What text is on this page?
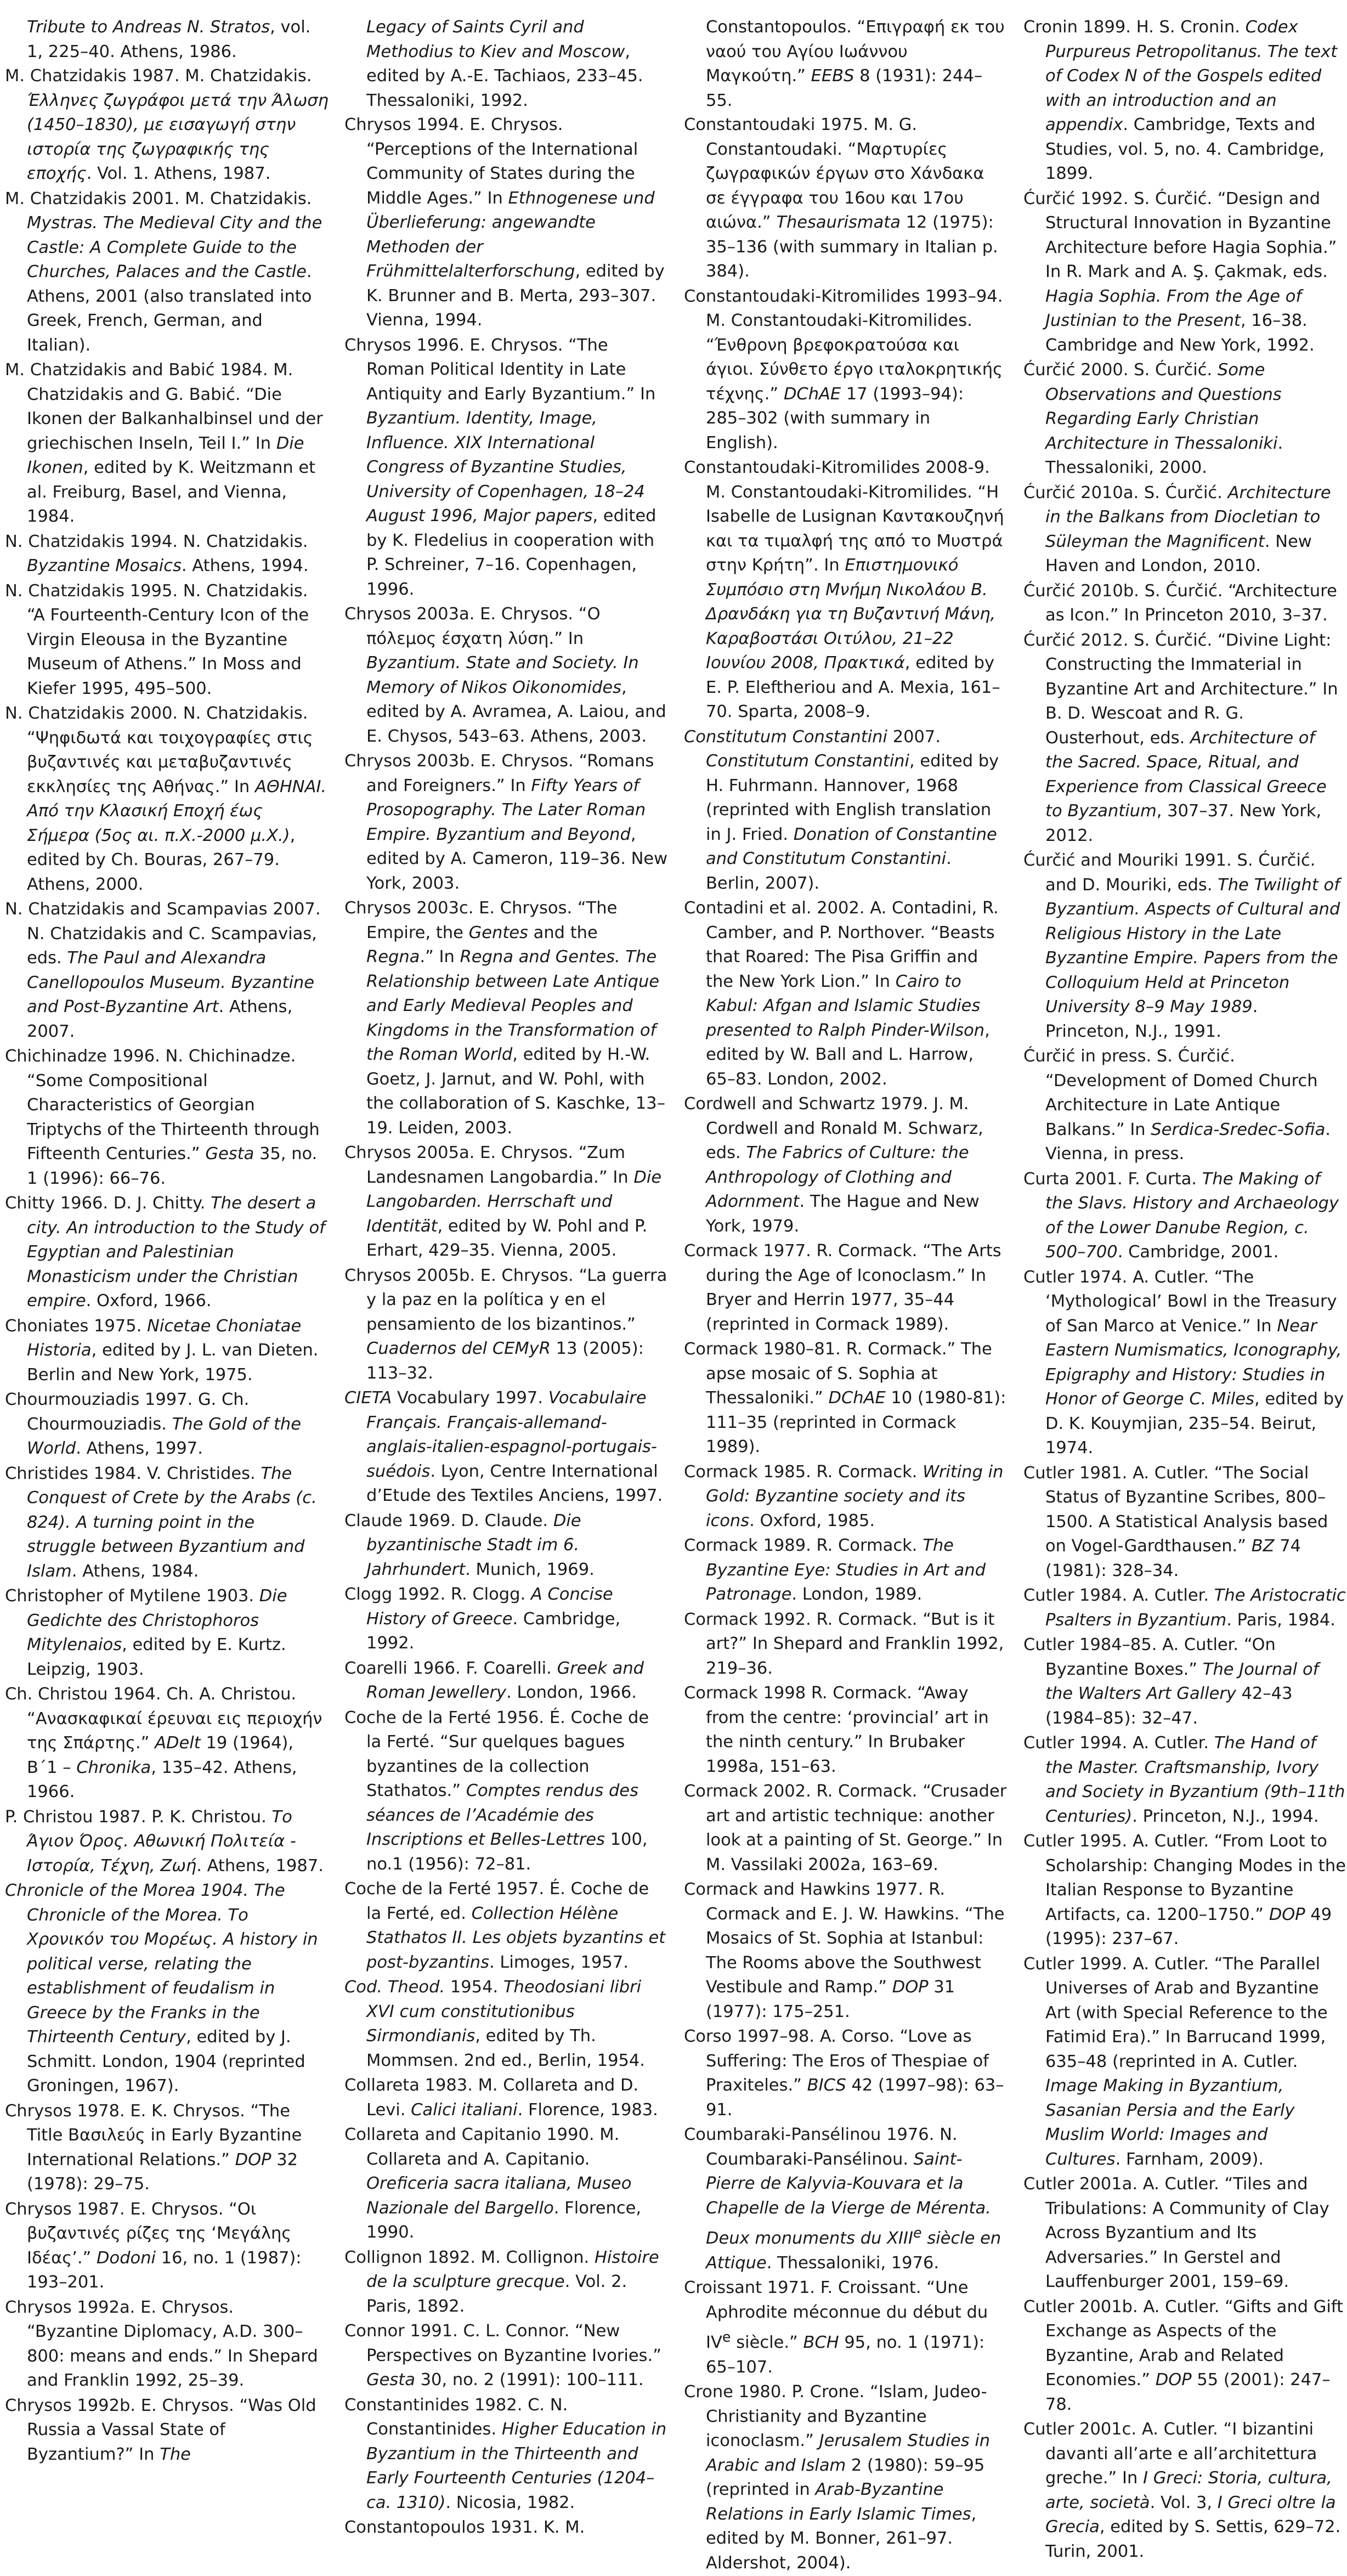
Tribute to Andreas N. Stratos, vol. 1, 225–40. Athens, 1986.
M. Chatzidakis 1987. M. Chatzidakis. Έλληνες ζωγράφοι μετά την Άλωση (1450–1830), με εισαγωγή στην ιστορία της ζωγραφικής της εποχής. Vol. 1. Athens, 1987.
M. Chatzidakis 2001. M. Chatzidakis. Mystras. The Medieval City and the Castle: A Complete Guide to the Churches, Palaces and the Castle. Athens, 2001 (also translated into Greek, French, German, and Italian).
M. Chatzidakis and Babić 1984. M. Chatzidakis and G. Babić. “Die Ikonen der Balkanhalbinsel und der griechischen Inseln, Teil I.” In Die Ikonen, edited by K. Weitzmann et al. Freiburg, Basel, and Vienna, 1984.
N. Chatzidakis 1994. N. Chatzidakis. Byzantine Mosaics. Athens, 1994.
N. Chatzidakis 1995. N. Chatzidakis. “A Fourteenth-Century Icon of the Virgin Eleousa in the Byzantine Museum of Athens.” In Moss and Kiefer 1995, 495–500.
N. Chatzidakis 2000. N. Chatzidakis. “Ψηφιδωτά και τοιχογραφίες στις βυζαντινές και μεταβυζαντινές εκκλησίες της Αθήνας.” In ΑΘΗΝΑΙ. Από την Κλασική Εποχή έως Σήμερα (5ος αι. π.Χ.-2000 μ.Χ.), edited by Ch. Bouras, 267–79. Athens, 2000.
N. Chatzidakis and Scampavias 2007. N. Chatzidakis and C. Scampavias, eds. The Paul and Alexandra Canellopoulos Museum. Byzantine and Post-Byzantine Art. Athens, 2007.
Chichinadze 1996. N. Chichinadze. “Some Compositional Characteristics of Georgian Triptychs of the Thirteenth through Fifteenth Centuries.” Gesta 35, no. 1 (1996): 66–76.
Chitty 1966. D. J. Chitty. The desert a city. An introduction to the Study of Egyptian and Palestinian Monasticism under the Christian empire. Oxford, 1966.
Choniates 1975. Nicetae Choniatae Historia, edited by J. L. van Dieten. Berlin and New York, 1975.
Chourmouziadis 1997. G. Ch. Chourmouziadis. The Gold of the World. Athens, 1997.
Christides 1984. V. Christides. The Conquest of Crete by the Arabs (c. 824). A turning point in the struggle between Byzantium and Islam. Athens, 1984.
Christopher of Mytilene 1903. Die Gedichte des Christophoros Mitylenaios, edited by E. Kurtz. Leipzig, 1903.
Ch. Christou 1964. Ch. A. Christou. “Ανασκαφικαί έρευναι εις περιοχήν της Σπάρτης.” ADelt 19 (1964), B΄1 – Chronika, 135–42. Athens, 1966.
P. Christou 1987. P. K. Christou. Το Άγιον Όρος. Αθωνική Πολιτεία - Ιστορία, Τέχνη, Ζωή. Athens, 1987.
Chronicle of the Morea 1904. The Chronicle of the Morea. Το Χρονικόν του Μορέως. A history in political verse, relating the establishment of feudalism in Greece by the Franks in the Thirteenth Century, edited by J. Schmitt. London, 1904 (reprinted Groningen, 1967).
Chrysos 1978. E. K. Chrysos. “The Title Βασιλεύς in Early Byzantine International Relations.” DOP 32 (1978): 29–75.
Chrysos 1987. E. Chrysos. “Οι βυζαντινές ρίζες της ‘Μεγάλης Ιδέας’.” Dodoni 16, no. 1 (1987): 193–201.
Chrysos 1992a. E. Chrysos. “Byzantine Diplomacy, A.D. 300–800: means and ends.” In Shepard and Franklin 1992, 25–39.
Chrysos 1992b. E. Chrysos. “Was Old Russia a Vassal State of Byzantium?” In The
Legacy of Saints Cyril and Methodius to Kiev and Moscow, edited by A.-E. Tachiaos, 233–45. Thessaloniki, 1992.
Chrysos 1994. E. Chrysos. “Perceptions of the International Community of States during the Middle Ages.” In Ethnogenese und Überlieferung: angewandte Methoden der Frühmittelalterforschung, edited by K. Brunner and B. Merta, 293–307. Vienna, 1994.
Chrysos 1996. E. Chrysos. “The Roman Political Identity in Late Antiquity and Early Byzantium.” In Byzantium. Identity, Image, Influence. XIX International Congress of Byzantine Studies, University of Copenhagen, 18–24 August 1996, Major papers, edited by K. Fledelius in cooperation with P. Schreiner, 7–16. Copenhagen, 1996.
Chrysos 2003a. E. Chrysos. “Ο πόλεμος έσχατη λύση.” In Byzantium. State and Society. In Memory of Nikos Oikonomides, edited by A. Avramea, A. Laiou, and E. Chysos, 543–63. Athens, 2003.
Chrysos 2003b. E. Chrysos. “Romans and Foreigners.” In Fifty Years of Prosopography. The Later Roman Empire. Byzantium and Beyond, edited by A. Cameron, 119–36. New York, 2003.
Chrysos 2003c. E. Chrysos. “The Empire, the Gentes and the Regna.” In Regna and Gentes. The Relationship between Late Antique and Early Medieval Peoples and Kingdoms in the Transformation of the Roman World, edited by H.-W. Goetz, J. Jarnut, and W. Pohl, with the collaboration of S. Kaschke, 13–19. Leiden, 2003.
Chrysos 2005a. E. Chrysos. “Zum Landesnamen Langobardia.” In Die Langobarden. Herrschaft und Identität, edited by W. Pohl and P. Erhart, 429–35. Vienna, 2005.
Chrysos 2005b. E. Chrysos. “La guerra y la paz en la política y en el pensamiento de los bizantinos.” Cuadernos del CEMyR 13 (2005): 113–32.
CIETA Vocabulary 1997. Vocabulaire Français. Français-allemand-anglais-italien-espagnol-portugais-suédois. Lyon, Centre International d’Etude des Textiles Anciens, 1997.
Claude 1969. D. Claude. Die byzantinische Stadt im 6. Jahrhundert. Munich, 1969.
Clogg 1992. R. Clogg. A Concise History of Greece. Cambridge, 1992.
Coarelli 1966. F. Coarelli. Greek and Roman Jewellery. London, 1966.
Coche de la Ferté 1956. É. Coche de la Ferté. “Sur quelques bagues byzantines de la collection Stathatos.” Comptes rendus des séances de l’Académie des Inscriptions et Belles-Lettres 100, no.1 (1956): 72–81.
Coche de la Ferté 1957. É. Coche de la Ferté, ed. Collection Hélène Stathatos II. Les objets byzantins et post-byzantins. Limoges, 1957.
Cod. Theod. 1954. Theodosiani libri XVI cum constitutionibus Sirmondianis, edited by Th. Mommsen. 2nd ed., Berlin, 1954.
Collareta 1983. M. Collareta and D. Levi. Calici italiani. Florence, 1983.
Collareta and Capitanio 1990. M. Collareta and A. Capitanio. Oreficeria sacra italiana, Museo Nazionale del Bargello. Florence, 1990.
Collignon 1892. M. Collignon. Histoire de la sculpture grecque. Vol. 2. Paris, 1892.
Connor 1991. C. L. Connor. “New Perspectives on Byzantine Ivories.” Gesta 30, no. 2 (1991): 100–111.
Constantinides 1982. C. N. Constantinides. Higher Education in Byzantium in the Thirteenth and Early Fourteenth Centuries (1204–ca. 1310). Nicosia, 1982.
Constantopoulos 1931. K. M.
Constantopoulos. “Επιγραφή εκ του ναού του Αγίου Ιωάννου Μαγκούτη.” EEBS 8 (1931): 244–55.
Constantoudaki 1975. M. G. Constantoudaki. “Μαρτυρίες ζωγραφικών έργων στο Χάνδακα σε έγγραφα του 16ου και 17ου αιώνα.” Thesaurismata 12 (1975): 35–136 (with summary in Italian p. 384).
Constantoudaki-Kitromilides 1993–94. M. Constantoudaki-Kitromilides. “Ένθρονη βρεφοκρατούσα και άγιοι. Σύνθετο έργο ιταλοκρητικής τέχνης.” DChAE 17 (1993–94): 285–302 (with summary in English).
Constantoudaki-Kitromilides 2008-9. M. Constantoudaki-Kitromilides. “Η Isabelle de Lusignan Καντακουζηνή και τα τιμαλφή της από το Μυστρά στην Κρήτη”. In Επιστημονικό Συμπόσιο στη Μνήμη Νικολάου Β. Δρανδάκη για τη Βυζαντινή Μάνη, Καραβοστάσι Οιτύλου, 21–22 Ιουνίου 2008, Πρακτικά, edited by E. P. Eleftheriou and A. Mexia, 161–70. Sparta, 2008–9.
Constitutum Constantini 2007. Constitutum Constantini, edited by H. Fuhrmann. Hannover, 1968 (reprinted with English translation in J. Fried. Donation of Constantine and Constitutum Constantini. Berlin, 2007).
Contadini et al. 2002. A. Contadini, R. Camber, and P. Northover. “Beasts that Roared: The Pisa Griffin and the New York Lion.” In Cairo to Kabul: Afgan and Islamic Studies presented to Ralph Pinder-Wilson, edited by W. Ball and L. Harrow, 65–83. London, 2002.
Cordwell and Schwartz 1979. J. M. Cordwell and Ronald M. Schwarz, eds. The Fabrics of Culture: the Anthropology of Clothing and Adornment. The Hague and New York, 1979.
Cormack 1977. R. Cormack. “The Arts during the Age of Iconoclasm.” In Bryer and Herrin 1977, 35–44 (reprinted in Cormack 1989).
Cormack 1980–81. R. Cormack.” The apse mosaic of S. Sophia at Thessaloniki.” DChAE 10 (1980-81): 111–35 (reprinted in Cormack 1989).
Cormack 1985. R. Cormack. Writing in Gold: Byzantine society and its icons. Oxford, 1985.
Cormack 1989. R. Cormack. The Byzantine Eye: Studies in Art and Patronage. London, 1989.
Cormack 1992. R. Cormack. “But is it art?” In Shepard and Franklin 1992, 219–36.
Cormack 1998 R. Cormack. “Away from the centre: ‘provincial’ art in the ninth century.” In Brubaker 1998a, 151–63.
Cormack 2002. R. Cormack. “Crusader art and artistic technique: another look at a painting of St. George.” In M. Vassilaki 2002a, 163–69.
Cormack and Hawkins 1977. R. Cormack and E. J. W. Hawkins. “The Mosaics of St. Sophia at Istanbul: The Rooms above the Southwest Vestibule and Ramp.” DOP 31 (1977): 175–251.
Corso 1997–98. A. Corso. “Love as Suffering: The Eros of Thespiae of Praxiteles.” BICS 42 (1997–98): 63–91.
Coumbaraki-Pansélinou 1976. N. Coumbaraki-Pansélinou. Saint-Pierre de Kalyvia-Kouvara et la Chapelle de la Vierge de Mérenta. Deux monuments du XIIIe siècle en Attique. Thessaloniki, 1976.
Croissant 1971. F. Croissant. “Une Aphrodite méconnue du début du IVe siècle.” BCH 95, no. 1 (1971): 65–107.
Crone 1980. P. Crone. “Islam, Judeo-Christianity and Byzantine iconoclasm.” Jerusalem Studies in Arabic and Islam 2 (1980): 59–95 (reprinted in Arab-Byzantine Relations in Early Islamic Times, edited by M. Bonner, 261–97. Aldershot, 2004).
Cronin 1899. H. S. Cronin. Codex Purpureus Petropolitanus. The text of Codex N of the Gospels edited with an introduction and an appendix. Cambridge, Texts and Studies, vol. 5, no. 4. Cambridge, 1899.
Ćurčić 1992. S. Ćurčić. “Design and Structural Innovation in Byzantine Architecture before Hagia Sophia.” In R. Mark and A. Ş. Çakmak, eds. Hagia Sophia. From the Age of Justinian to the Present, 16–38. Cambridge and New York, 1992.
Ćurčić 2000. S. Ćurčić. Some Observations and Questions Regarding Early Christian Architecture in Thessaloniki. Thessaloniki, 2000.
Ćurčić 2010a. S. Ćurčić. Architecture in the Balkans from Diocletian to Süleyman the Magnificent. New Haven and London, 2010.
Ćurčić 2010b. S. Ćurčić. “Architecture as Icon.” In Princeton 2010, 3–37.
Ćurčić 2012. S. Ćurčić. “Divine Light: Constructing the Immaterial in Byzantine Art and Architecture.” In B. D. Wescoat and R. G. Ousterhout, eds. Architecture of the Sacred. Space, Ritual, and Experience from Classical Greece to Byzantium, 307–37. New York, 2012.
Ćurčić and Mouriki 1991. S. Ćurčić. and D. Mouriki, eds. The Twilight of Byzantium. Aspects of Cultural and Religious History in the Late Byzantine Empire. Papers from the Colloquium Held at Princeton University 8–9 May 1989. Princeton, N.J., 1991.
Ćurčić in press. S. Ćurčić. “Development of Domed Church Architecture in Late Antique Balkans.” In Serdica-Sredec-Sofia. Vienna, in press.
Curta 2001. F. Curta. The Making of the Slavs. History and Archaeology of the Lower Danube Region, c. 500–700. Cambridge, 2001.
Cutler 1974. A. Cutler. “The ‘Mythological’ Bowl in the Treasury of San Marco at Venice.” In Near Eastern Numismatics, Iconography, Epigraphy and History: Studies in Honor of George C. Miles, edited by D. K. Kouymjian, 235–54. Beirut, 1974.
Cutler 1981. A. Cutler. “The Social Status of Byzantine Scribes, 800–1500. A Statistical Analysis based on Vogel-Gardthausen.” BZ 74 (1981): 328–34.
Cutler 1984. A. Cutler. The Aristocratic Psalters in Byzantium. Paris, 1984.
Cutler 1984–85. A. Cutler. “On Byzantine Boxes.” The Journal of the Walters Art Gallery 42–43 (1984–85): 32–47.
Cutler 1994. A. Cutler. The Hand of the Master. Craftsmanship, Ivory and Society in Byzantium (9th–11th Centuries). Princeton, N.J., 1994.
Cutler 1995. A. Cutler. “From Loot to Scholarship: Changing Modes in the Italian Response to Byzantine Artifacts, ca. 1200–1750.” DOP 49 (1995): 237–67.
Cutler 1999. A. Cutler. “The Parallel Universes of Arab and Byzantine Art (with Special Reference to the Fatimid Era).” In Barrucand 1999, 635–48 (reprinted in A. Cutler. Image Making in Byzantium, Sasanian Persia and the Early Muslim World: Images and Cultures. Farnham, 2009).
Cutler 2001a. A. Cutler. “Tiles and Tribulations: A Community of Clay Across Byzantium and Its Adversaries.” In Gerstel and Lauffenburger 2001, 159–69.
Cutler 2001b. A. Cutler. “Gifts and Gift Exchange as Aspects of the Byzantine, Arab and Related Economies.” DOP 55 (2001): 247–78.
Cutler 2001c. A. Cutler. “I bizantini davanti all’arte e all’architettura greche.” In I Greci: Storia, cultura, arte, società. Vol. 3, I Greci oltre la Grecia, edited by S. Settis, 629–72. Turin, 2001.
